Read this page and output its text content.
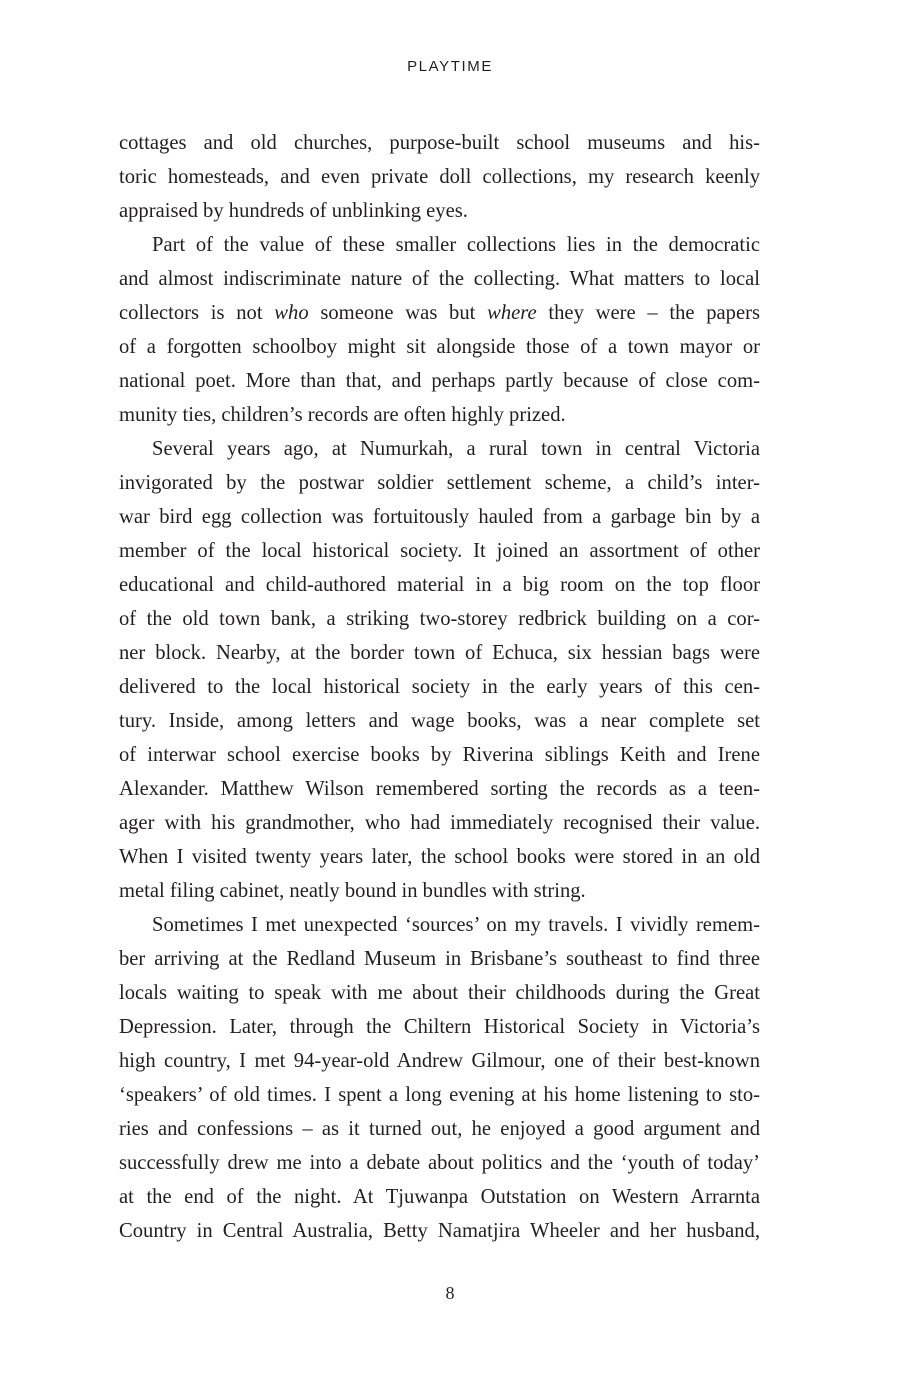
PLAYTIME
cottages and old churches, purpose-built school museums and his-
toric homesteads, and even private doll collections, my research keenly
appraised by hundreds of unblinking eyes.
Part of the value of these smaller collections lies in the democratic
and almost indiscriminate nature of the collecting. What matters to local
collectors is not who someone was but where they were – the papers
of a forgotten schoolboy might sit alongside those of a town mayor or
national poet. More than that, and perhaps partly because of close com-
munity ties, children’s records are often highly prized.
Several years ago, at Numurkah, a rural town in central Victoria
invigorated by the postwar soldier settlement scheme, a child’s inter-
war bird egg collection was fortuitously hauled from a garbage bin by a
member of the local historical society. It joined an assortment of other
educational and child-authored material in a big room on the top floor
of the old town bank, a striking two-storey redbrick building on a cor-
ner block. Nearby, at the border town of Echuca, six hessian bags were
delivered to the local historical society in the early years of this cen-
tury. Inside, among letters and wage books, was a near complete set
of interwar school exercise books by Riverina siblings Keith and Irene
Alexander. Matthew Wilson remembered sorting the records as a teen-
ager with his grandmother, who had immediately recognised their value.
When I visited twenty years later, the school books were stored in an old
metal filing cabinet, neatly bound in bundles with string.
Sometimes I met unexpected ‘sources’ on my travels. I vividly remem-
ber arriving at the Redland Museum in Brisbane’s southeast to find three
locals waiting to speak with me about their childhoods during the Great
Depression. Later, through the Chiltern Historical Society in Victoria’s
high country, I met 94-year-old Andrew Gilmour, one of their best-known
‘speakers’ of old times. I spent a long evening at his home listening to sto-
ries and confessions – as it turned out, he enjoyed a good argument and
successfully drew me into a debate about politics and the ‘youth of today’
at the end of the night. At Tjuwanpa Outstation on Western Arrarnta
Country in Central Australia, Betty Namatjira Wheeler and her husband,
8
